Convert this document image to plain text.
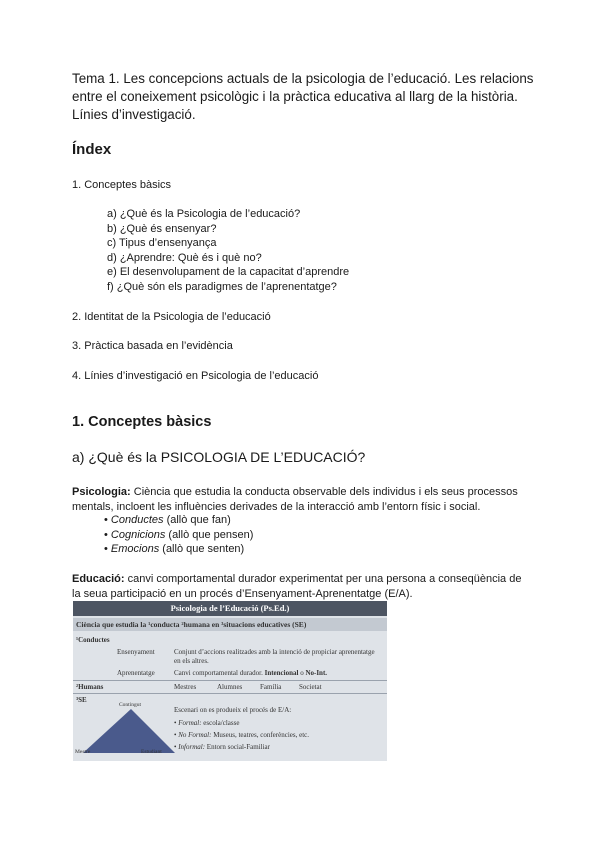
Tema 1. Les concepcions actuals de la psicologia de l’educació. Les relacions entre el coneixement psicològic i la pràctica educativa al llarg de la història. Línies d’investigació.
Índex
1. Conceptes bàsics
a) ¿Què és la Psicologia de l’educació?
b) ¿Què és ensenyar?
c) Tipus d’ensenyança
d) ¿Aprendre: Què és i què no?
e) El desenvolupament de la capacitat d’aprendre
f) ¿Què són els paradigmes de l’aprenentatge?
2. Identitat de la Psicologia de l’educació
3. Pràctica basada en l’evidència
4. Línies d’investigació en Psicologia de l’educació
1. Conceptes bàsics
a) ¿Què és la PSICOLOGIA DE L’EDUCACIÓ?
Psicologia: Ciència que estudia la conducta observable dels individus i els seus processos mentals, incloent les influències derivades de la interacció amb l’entorn físic i social.
• Conductes (allò que fan)
• Cognicions (allò que pensen)
• Emocions (allò que senten)
Educació: canvi comportamental durador experimentat per una persona a conseqüència de la seua participació en un procés d’Ensenyament-Aprenentatge (E/A).
Psicologia de l’Educació (Ps.Ed.)
Ciència que estudia la ¹conducta ²humana en ³situacions educatives (SE)
¹Conductes
Ensenyament	Conjunt d’accions realitzades amb la intenció de propiciar aprenentatge en els altres.
Aprenentatge	Canvi comportamental durador. Intencional o No-Int.
²Humans	Mestres	Alumnes	Família	Societat
³SE
Contingut
Mestre	Estudiant
Escenari on es produeix el procés de E/A:
• Formal: escola/classe
• No Formal: Museus, teatres, conferències, etc.
• Informal: Entorn social-Familiar
